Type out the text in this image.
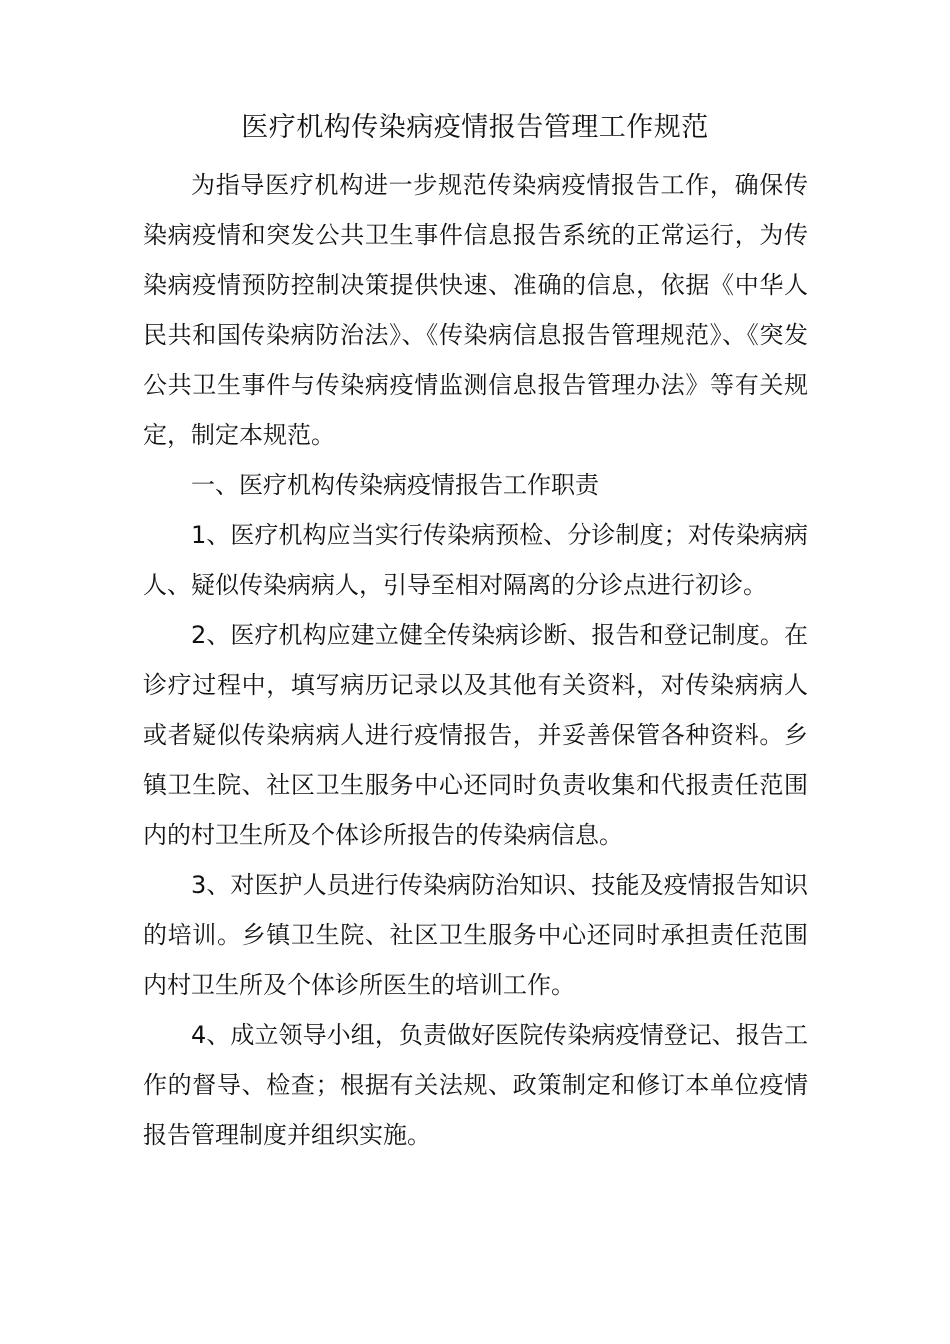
医疗机构传染病疫情报告管理工作规范

为指导医疗机构进一步规范传染病疫情报告工作，确保传染病疫情和突发公共卫生事件信息报告系统的正常运行，为传染病疫情预防控制决策提供快速、准确的信息，依据《中华人民共和国传染病防治法》、《传染病信息报告管理规范》、《突发公共卫生事件与传染病疫情监测信息报告管理办法》等有关规定，制定本规范。

一、医疗机构传染病疫情报告工作职责

1、医疗机构应当实行传染病预检、分诊制度；对传染病病人、疑似传染病病人，引导至相对隔离的分诊点进行初诊。

2、医疗机构应建立健全传染病诊断、报告和登记制度。在诊疗过程中，填写病历记录以及其他有关资料，对传染病病人或者疑似传染病病人进行疫情报告，并妥善保管各种资料。乡镇卫生院、社区卫生服务中心还同时负责收集和代报责任范围内的村卫生所及个体诊所报告的传染病信息。

3、对医护人员进行传染病防治知识、技能及疫情报告知识的培训。乡镇卫生院、社区卫生服务中心还同时承担责任范围内村卫生所及个体诊所医生的培训工作。

4、成立领导小组，负责做好医院传染病疫情登记、报告工作的督导、检查；根据有关法规、政策制定和修订本单位疫情报告管理制度并组织实施。
